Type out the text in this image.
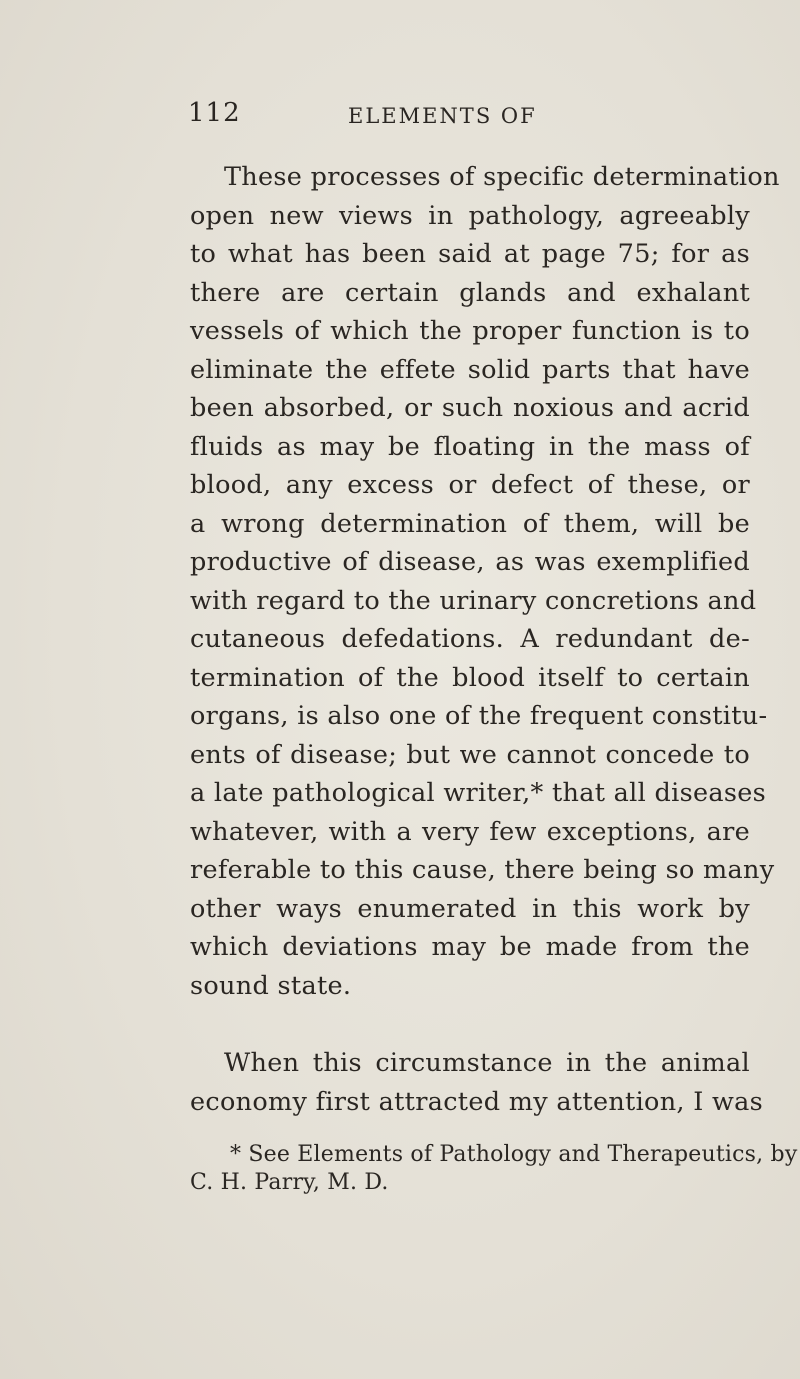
112	ELEMENTS OF
These processes of specific determination
open new views in pathology, agreeably
to what has been said at page 75; for as
there are certain glands and exhalant
vessels of which the proper function is to
eliminate the effete solid parts that have
been absorbed, or such noxious and acrid
fluids as may be floating in the mass of
blood, any excess or defect of these, or
a wrong determination of them, will be
productive of disease, as was exemplified
with regard to the urinary concretions and
cutaneous defedations. A redundant de-
termination of the blood itself to certain
organs, is also one of the frequent constitu-
ents of disease; but we cannot concede to
a late pathological writer,* that all diseases
whatever, with a very few exceptions, are
referable to this cause, there being so many
other ways enumerated in this work by
which deviations may be made from the
sound state.
When this circumstance in the animal
economy first attracted my attention, I was
* See Elements of Pathology and Therapeutics, by
C. H. Parry, M. D.
